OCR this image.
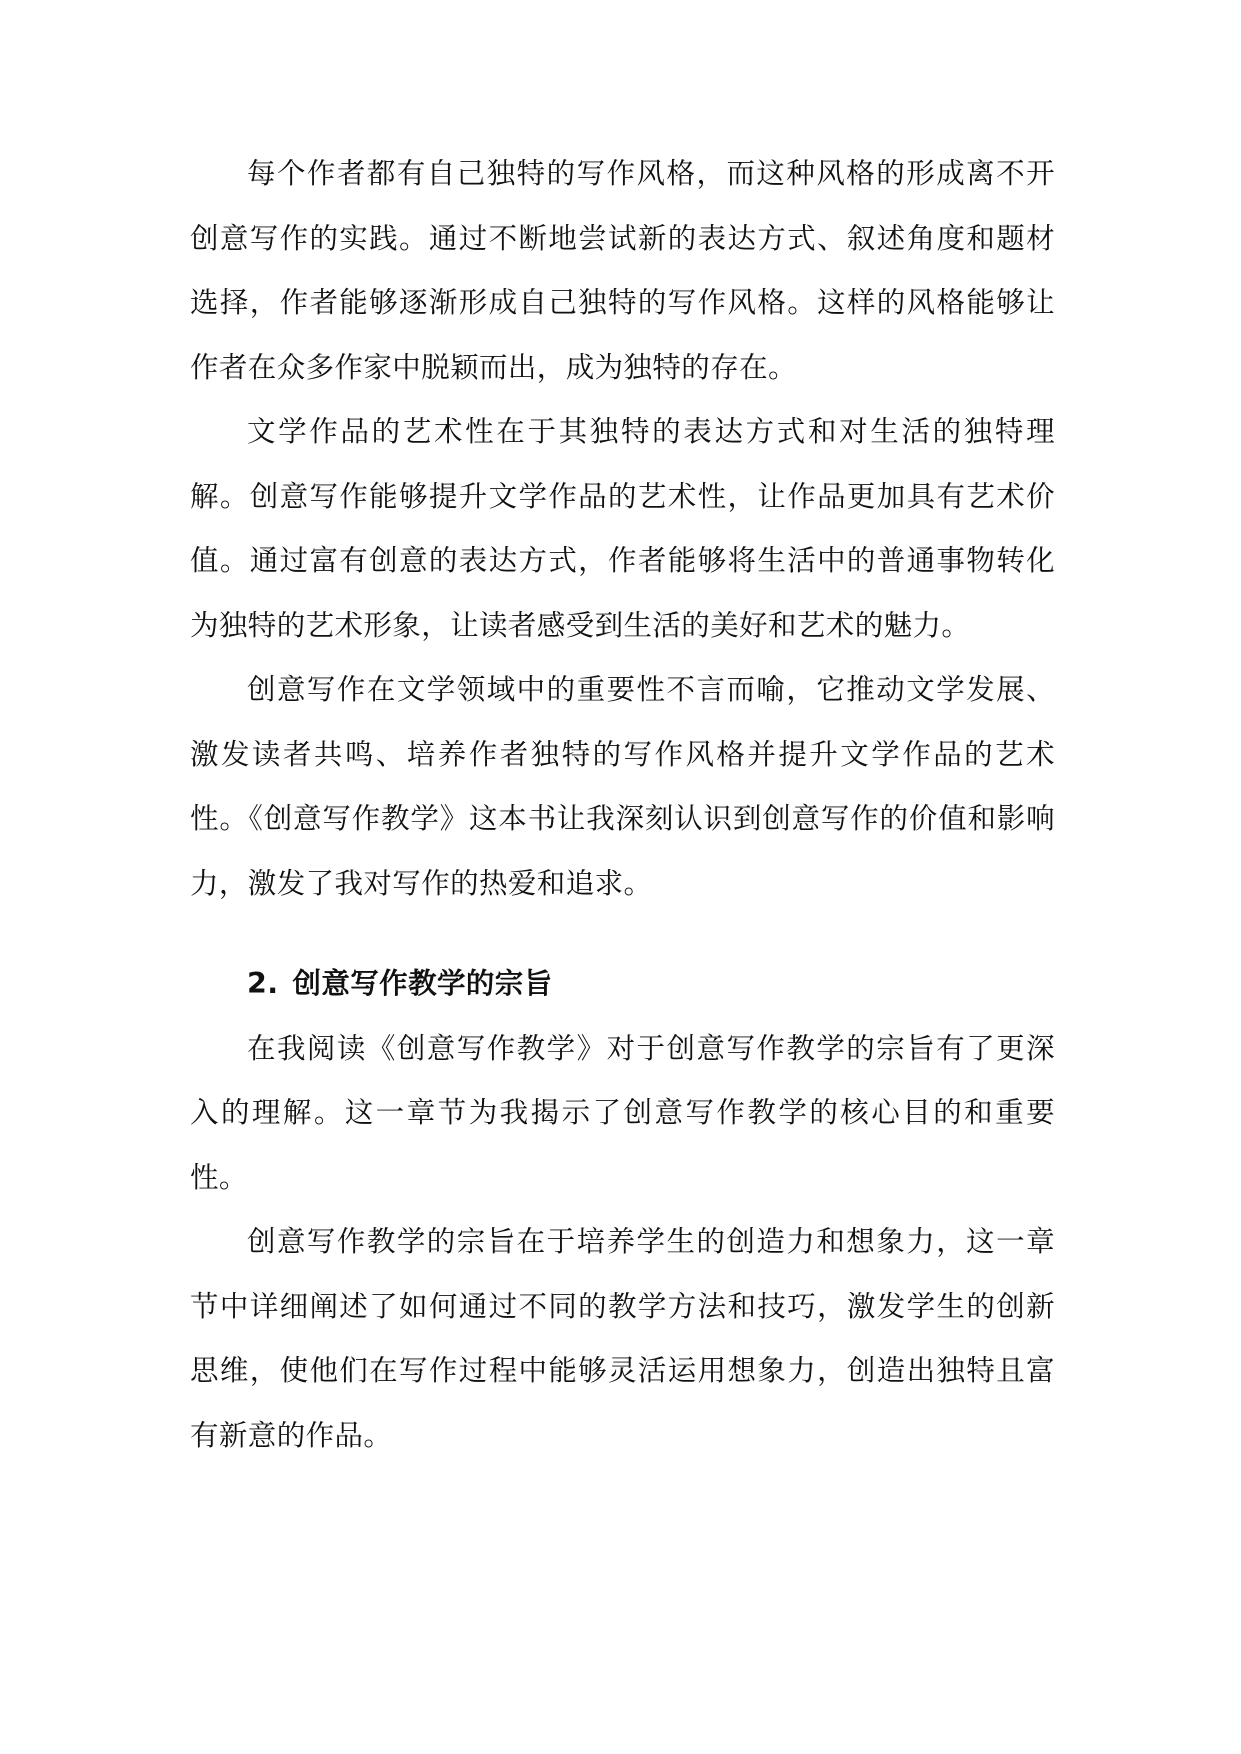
每个作者都有自己独特的写作风格，而这种风格的形成离不开创意写作的实践。通过不断地尝试新的表达方式、叙述角度和题材选择，作者能够逐渐形成自己独特的写作风格。这样的风格能够让作者在众多作家中脱颖而出，成为独特的存在。

文学作品的艺术性在于其独特的表达方式和对生活的独特理解。创意写作能够提升文学作品的艺术性，让作品更加具有艺术价值。通过富有创意的表达方式，作者能够将生活中的普通事物转化为独特的艺术形象，让读者感受到生活的美好和艺术的魅力。

创意写作在文学领域中的重要性不言而喻，它推动文学发展、激发读者共鸣、培养作者独特的写作风格并提升文学作品的艺术性。《创意写作教学》这本书让我深刻认识到创意写作的价值和影响力，激发了我对写作的热爱和追求。

2. 创意写作教学的宗旨

在我阅读《创意写作教学》对于创意写作教学的宗旨有了更深入的理解。这一章节为我揭示了创意写作教学的核心目的和重要性。

创意写作教学的宗旨在于培养学生的创造力和想象力，这一章节中详细阐述了如何通过不同的教学方法和技巧，激发学生的创新思维，使他们在写作过程中能够灵活运用想象力，创造出独特且富有新意的作品。
